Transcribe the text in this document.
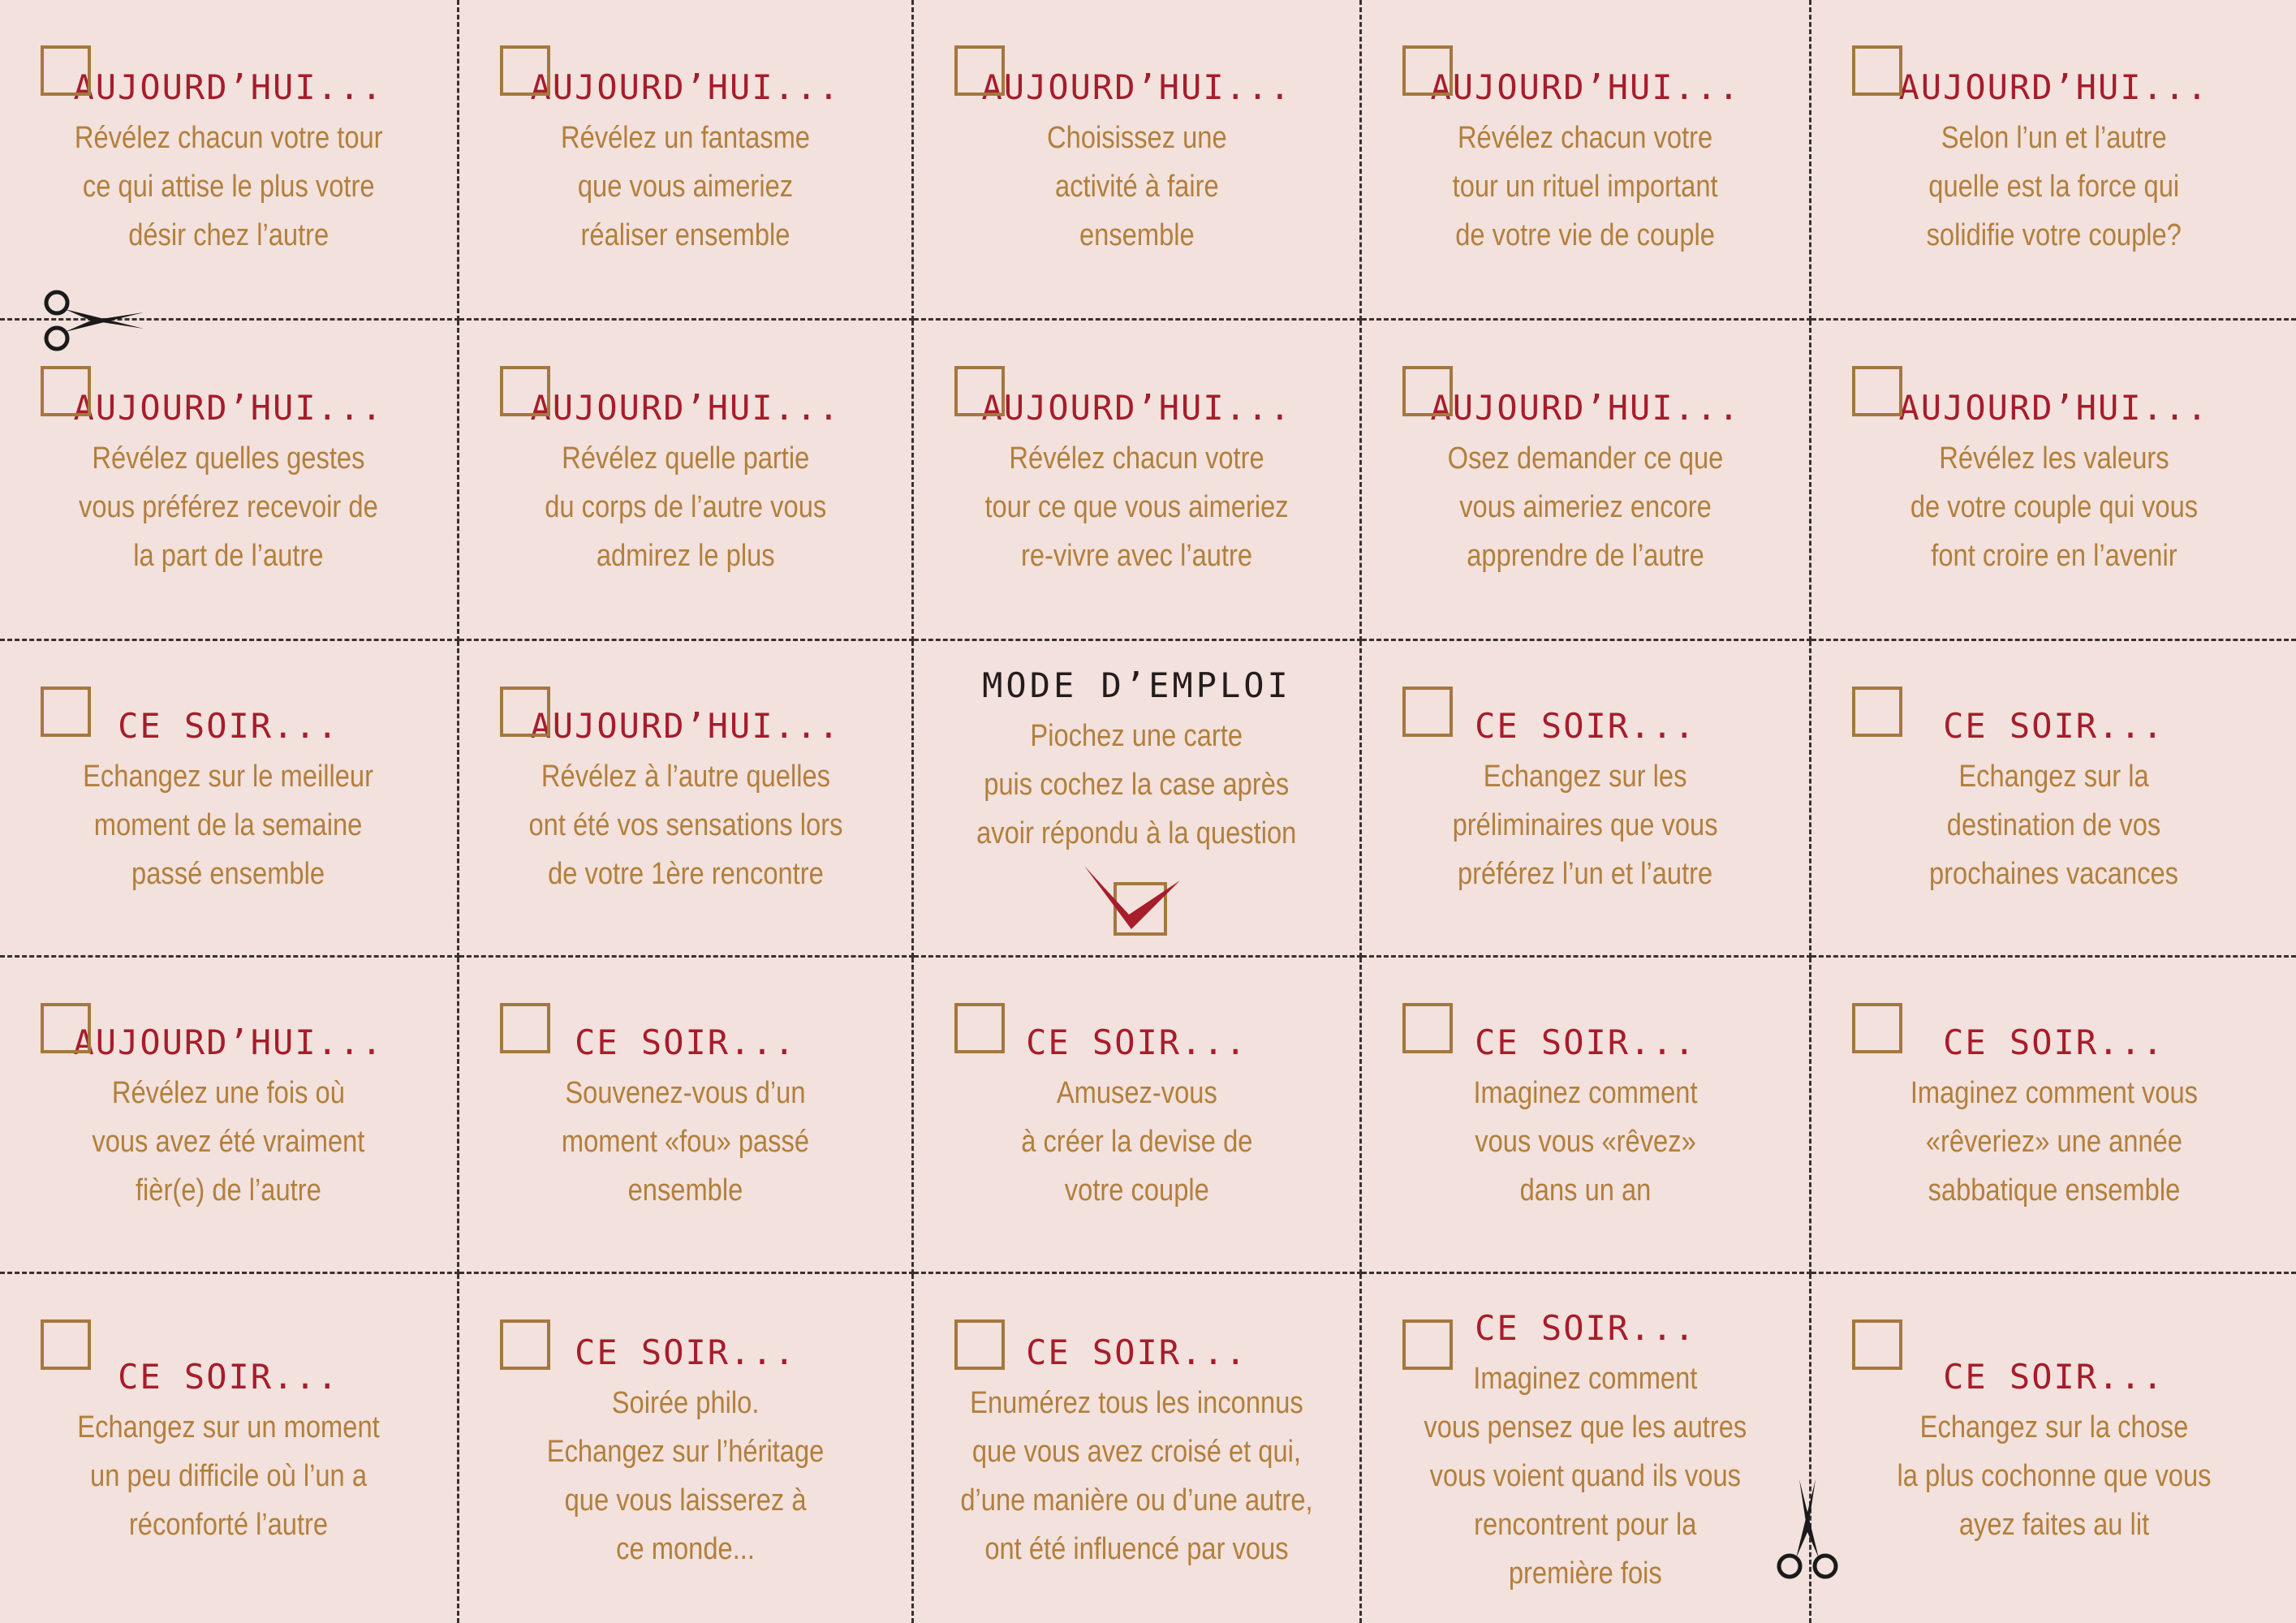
AUJOURD’HUI...
Révélez chacun votre tour
ce qui attise le plus votre
désir chez l’autre
AUJOURD’HUI...
Révélez un fantasme
que vous aimeriez
réaliser ensemble
AUJOURD’HUI...
Choisissez une
activité à faire
ensemble
AUJOURD’HUI...
Révélez chacun votre
tour un rituel important
de votre vie de couple
AUJOURD’HUI...
Selon l’un et l’autre
quelle est la force qui
solidifie votre couple?
AUJOURD’HUI...
Révélez quelles gestes
vous préférez recevoir de
la part de l’autre
AUJOURD’HUI...
Révélez quelle partie
du corps de l’autre vous
admirez le plus
AUJOURD’HUI...
Révélez chacun votre
tour ce que vous aimeriez
re-vivre avec l’autre
AUJOURD’HUI...
Osez demander ce que
vous aimeriez encore
apprendre de l’autre
AUJOURD’HUI...
Révélez les valeurs
de votre couple qui vous
font croire en l’avenir
CE SOIR...
Echangez sur le meilleur
moment de la semaine
passé ensemble
AUJOURD’HUI...
Révélez à l’autre quelles
ont été vos sensations lors
de votre 1ère rencontre
MODE D’EMPLOI
Piochez une carte
puis cochez la case après
avoir répondu à la question
CE SOIR...
Echangez sur les
préliminaires que vous
préférez l’un et l’autre
CE SOIR...
Echangez sur la
destination de vos
prochaines vacances
AUJOURD’HUI...
Révélez une fois où
vous avez été vraiment
fièr(e) de l’autre
CE SOIR...
Souvenez-vous d’un
moment «fou» passé
ensemble
CE SOIR...
Amusez-vous
à créer la devise de
votre couple
CE SOIR...
Imaginez comment
vous vous «rêvez»
dans un an
CE SOIR...
Imaginez comment vous
«rêveriez» une année
sabbatique ensemble
CE SOIR...
Echangez sur un moment
un peu difficile où l’un a
réconforté l’autre
CE SOIR...
Soirée philo.
Echangez sur l’héritage
que vous laisserez à
ce monde...
CE SOIR...
Enumérez tous les inconnus
que vous avez croisé et qui,
d’une manière ou d’une autre,
ont été influencé par vous
CE SOIR...
Imaginez comment
vous pensez que les autres
vous voient quand ils vous
rencontrent pour la
première fois
CE SOIR...
Echangez sur la chose
la plus cochonne que vous
ayez faites au lit
